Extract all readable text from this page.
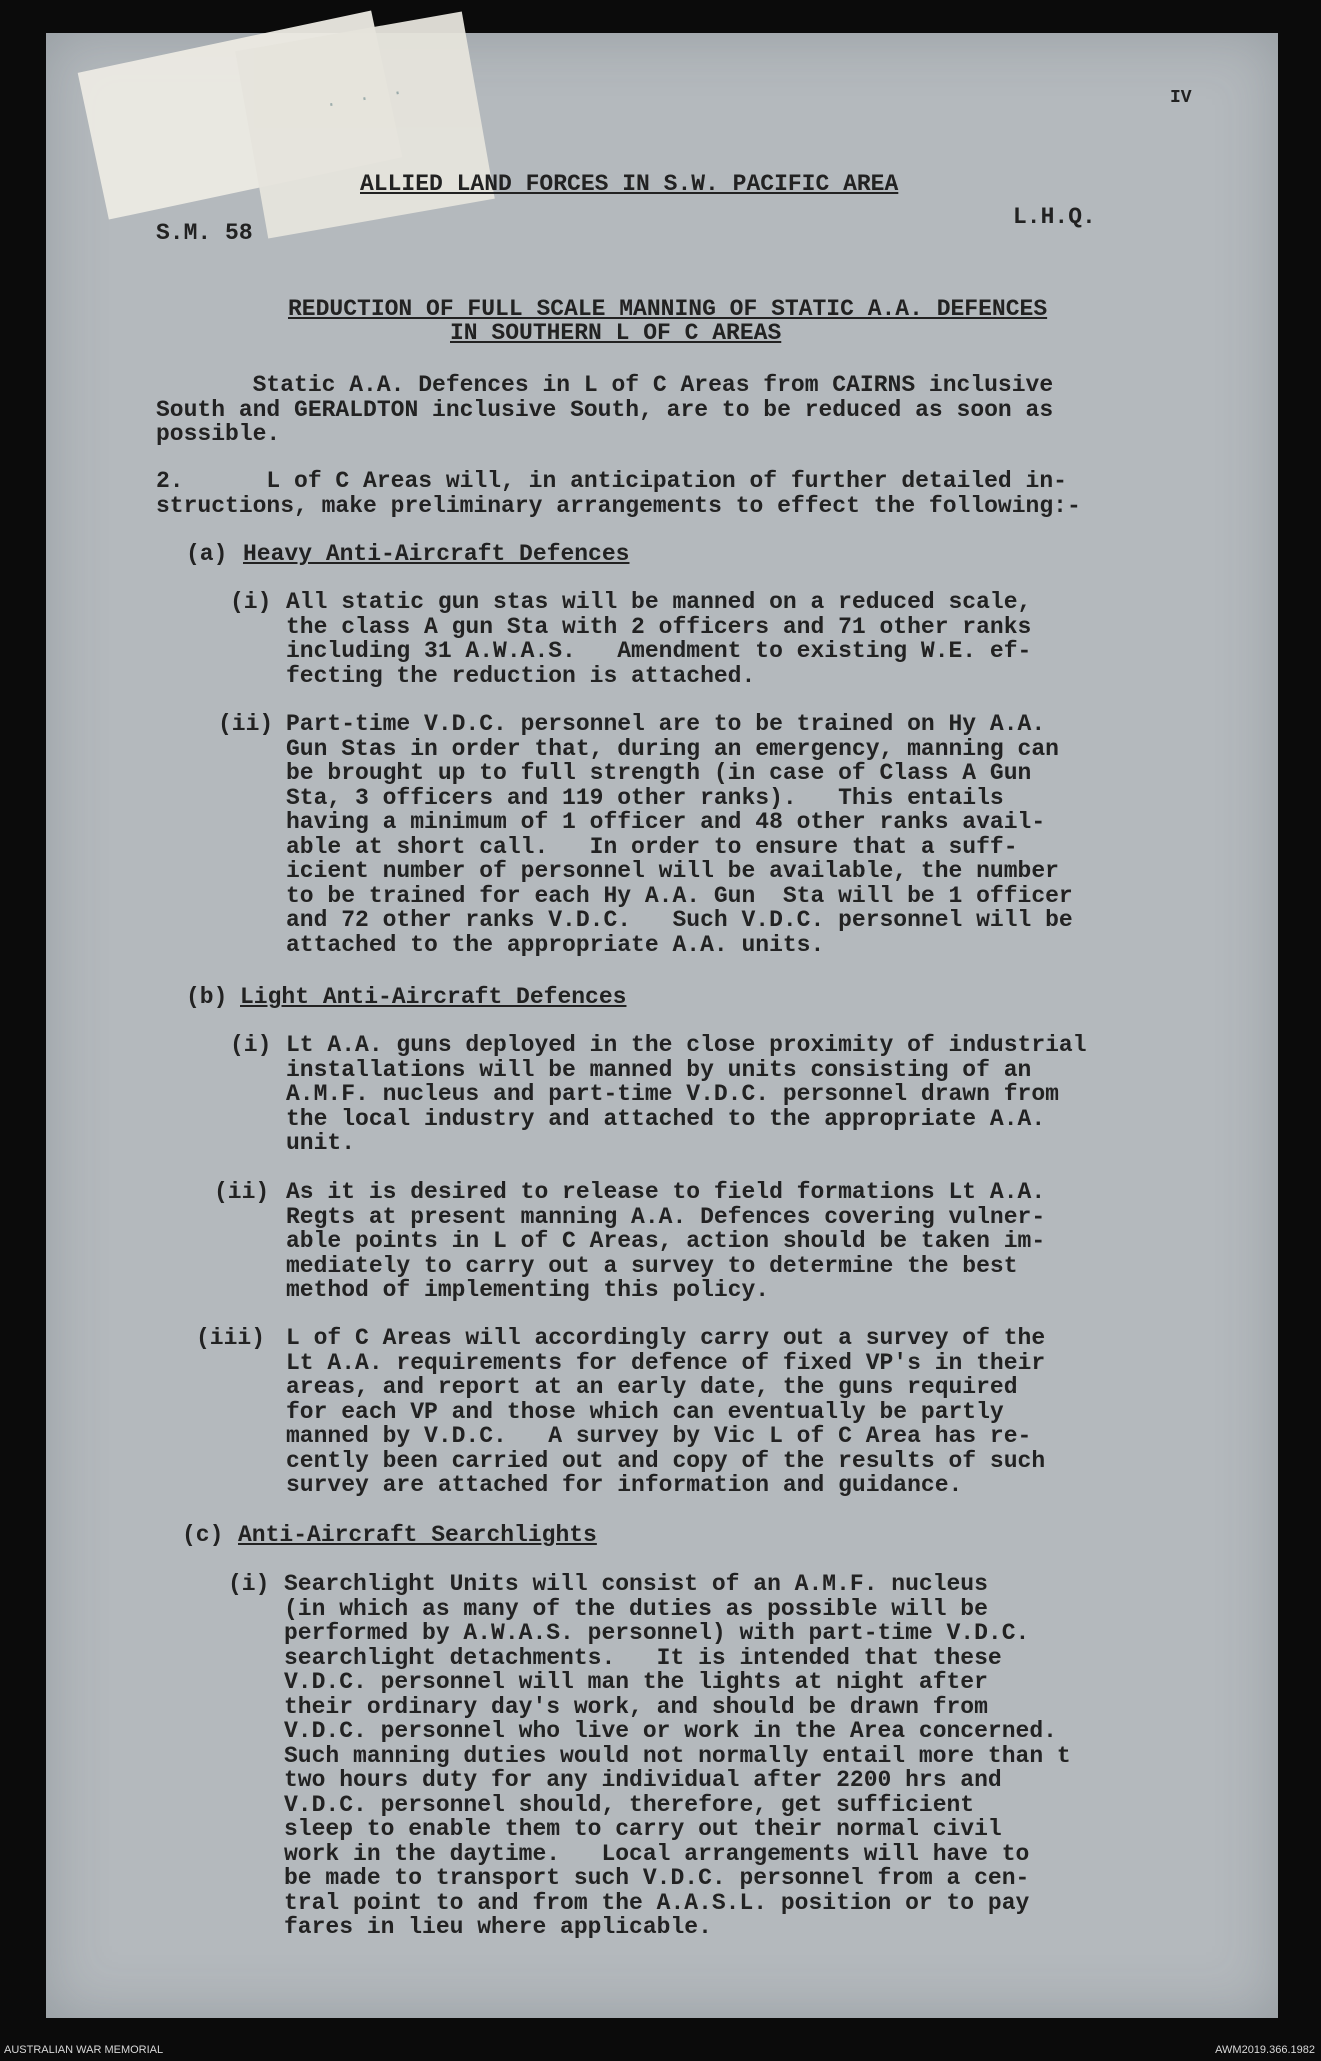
· · ·	IV
ALLIED LAND FORCES IN S.W. PACIFIC AREA
S.M. 58
L.H.Q.
REDUCTION OF FULL SCALE MANNING OF STATIC A.A. DEFENCES
IN SOUTHERN L OF C AREAS
Static A.A. Defences in L of C Areas from CAIRNS inclusive
South and GERALDTON inclusive South, are to be reduced as soon as
possible.
2.      L of C Areas will, in anticipation of further detailed in-
structions, make preliminary arrangements to effect the following:-
(a) Heavy Anti-Aircraft Defences
(i) All static gun stas will be manned on a reduced scale,
the class A gun Sta with 2 officers and 71 other ranks
including 31 A.W.A.S.   Amendment to existing W.E. ef-
fecting the reduction is attached.
(ii) Part-time V.D.C. personnel are to be trained on Hy A.A.
Gun Stas in order that, during an emergency, manning can
be brought up to full strength (in case of Class A Gun
Sta, 3 officers and 119 other ranks).   This entails
having a minimum of 1 officer and 48 other ranks avail-
able at short call.   In order to ensure that a suff-
icient number of personnel will be available, the number
to be trained for each Hy A.A. Gun  Sta will be 1 officer
and 72 other ranks V.D.C.   Such V.D.C. personnel will be
attached to the appropriate A.A. units.
(b) Light Anti-Aircraft Defences
(i) Lt A.A. guns deployed in the close proximity of industrial
installations will be manned by units consisting of an
A.M.F. nucleus and part-time V.D.C. personnel drawn from
the local industry and attached to the appropriate A.A.
unit.
(ii) As it is desired to release to field formations Lt A.A.
Regts at present manning A.A. Defences covering vulner-
able points in L of C Areas, action should be taken im-
mediately to carry out a survey to determine the best
method of implementing this policy.
(iii) L of C Areas will accordingly carry out a survey of the
Lt A.A. requirements for defence of fixed VP's in their
areas, and report at an early date, the guns required
for each VP and those which can eventually be partly
manned by V.D.C.   A survey by Vic L of C Area has re-
cently been carried out and copy of the results of such
survey are attached for information and guidance.
(c) Anti-Aircraft Searchlights
(i) Searchlight Units will consist of an A.M.F. nucleus
(in which as many of the duties as possible will be
performed by A.W.A.S. personnel) with part-time V.D.C.
searchlight detachments.   It is intended that these
V.D.C. personnel will man the lights at night after
their ordinary day's work, and should be drawn from
V.D.C. personnel who live or work in the Area concerned.
Such manning duties would not normally entail more than t
two hours duty for any individual after 2200 hrs and
V.D.C. personnel should, therefore, get sufficient
sleep to enable them to carry out their normal civil
work in the daytime.   Local arrangements will have to
be made to transport such V.D.C. personnel from a cen-
tral point to and from the A.A.S.L. position or to pay
fares in lieu where applicable.
AUSTRALIAN WAR MEMORIAL	AWM2019.366.1982
